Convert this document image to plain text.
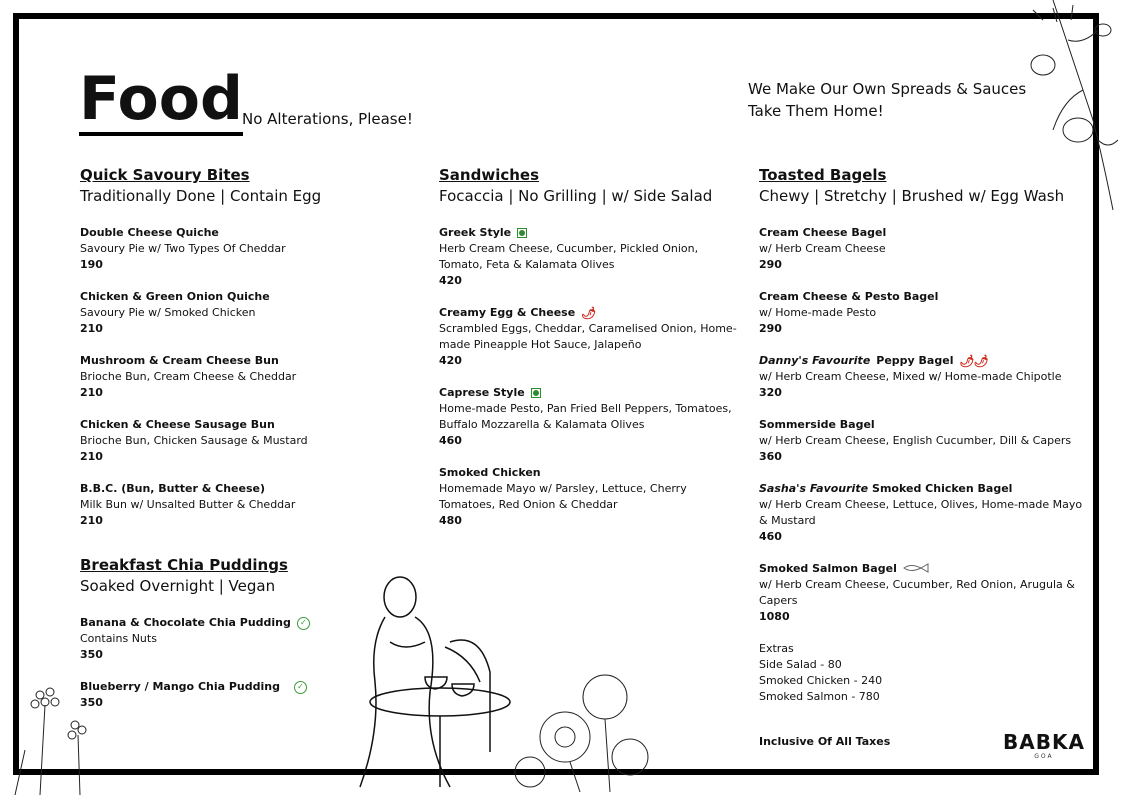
Food No Alterations, Please!
We Make Our Own Spreads & Sauces
Take Them Home!

Quick Savoury Bites

Traditionally Done | Contain Egg

Double Cheese Quiche
Savoury Pie w/ Two Types Of Cheddar
190
Chicken & Green Onion Quiche
Savoury Pie w/ Smoked Chicken
210
Mushroom & Cream Cheese Bun
Brioche Bun, Cream Cheese & Cheddar
210
Chicken & Cheese Sausage Bun
Brioche Bun, Chicken Sausage & Mustard
210
B.B.C. (Bun, Butter & Cheese)
Milk Bun w/ Unsalted Butter & Cheddar
210

Breakfast Chia Puddings

Soaked Overnight | Vegan

Banana & Chocolate Chia Pudding	✓
Contains Nuts
350
Blueberry / Mango Chia Pudding	✓
350

Sandwiches

Focaccia | No Grilling | w/ Side Salad

Greek Style
Herb Cream Cheese, Cucumber, Pickled Onion, Tomato, Feta & Kalamata Olives
420
Creamy Egg & Cheese 🌶
Scrambled Eggs, Cheddar, Caramelised Onion, Home-made Pineapple Hot Sauce, Jalapeño
420
Caprese Style
Home-made Pesto, Pan Fried Bell Peppers, Tomatoes, Buffalo Mozzarella & Kalamata Olives
460
Smoked Chicken
Homemade Mayo w/ Parsley, Lettuce, Cherry Tomatoes, Red Onion & Cheddar
480

Toasted Bagels

Chewy | Stretchy | Brushed w/ Egg Wash

Cream Cheese Bagel
w/ Herb Cream Cheese
290
Cream Cheese & Pesto Bagel
w/ Home-made Pesto
290
Danny's Favourite Peppy Bagel 🌶🌶
w/ Herb Cream Cheese, Mixed w/ Home-made Chipotle
320
Sommerside Bagel
w/ Herb Cream Cheese, English Cucumber, Dill & Capers
360
Sasha's Favourite Smoked Chicken Bagel
w/ Herb Cream Cheese, Lettuce, Olives, Home-made Mayo & Mustard
460
Smoked Salmon Bagel
w/ Herb Cream Cheese, Cucumber, Red Onion, Arugula & Capers
1080
Extras
Side Salad - 80
Smoked Chicken - 240
Smoked Salmon - 780
Inclusive Of All Taxes	BABKA
GOA
